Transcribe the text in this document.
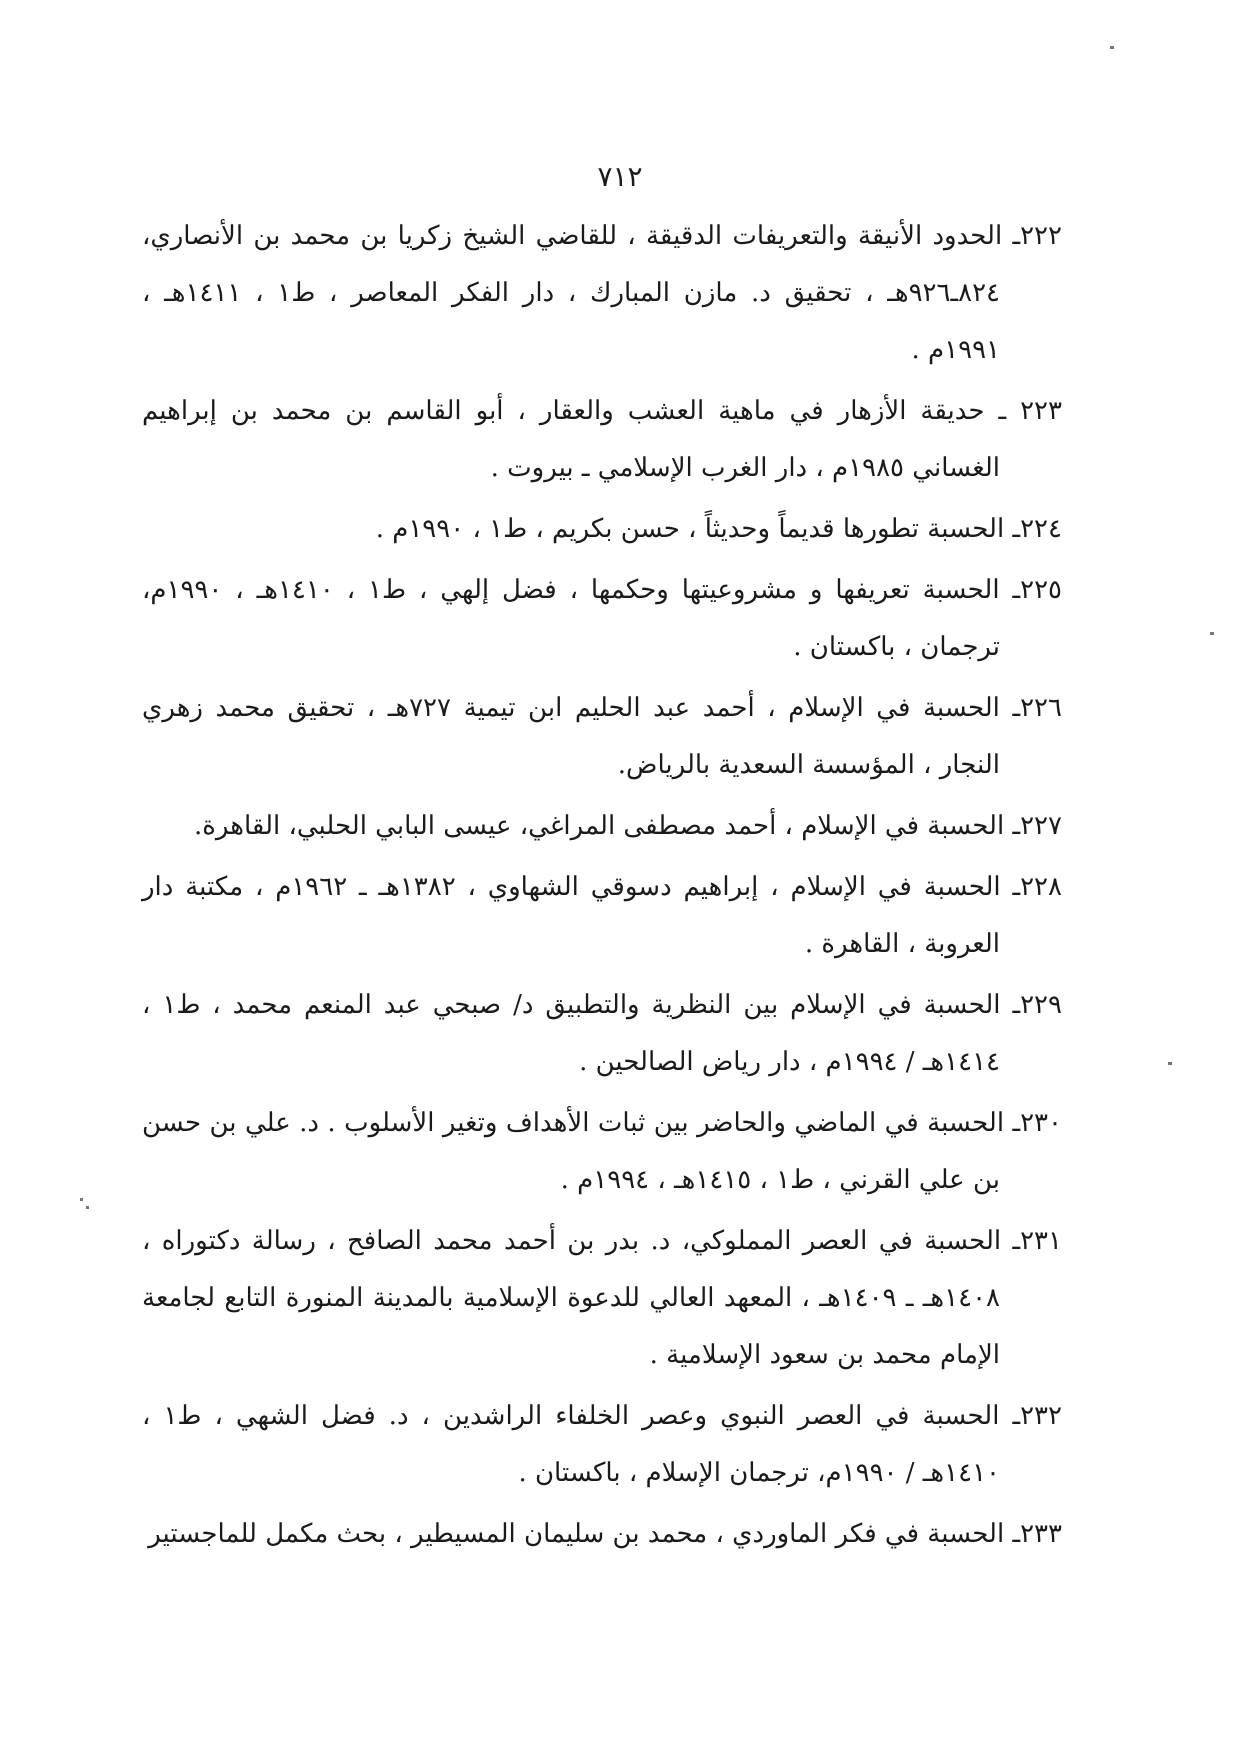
٧١٢

٢٢٢ـ الحدود الأنيقة والتعريفات الدقيقة ، للقاضي الشيخ زكريا بن محمد بن الأنصاري، ٨٢٤ـ٩٢٦هـ ، تحقيق د. مازن المبارك ، دار الفكر المعاصر ، ط١ ، ١٤١١هـ ، ١٩٩١م .

٢٢٣ ـ حديقة الأزهار في ماهية العشب والعقار ، أبو القاسم بن محمد بن إبراهيم الغساني ١٩٨٥م ، دار الغرب الإسلامي ـ بيروت .

٢٢٤ـ الحسبة تطورها قديماً وحديثاً ، حسن بكريم ، ط١ ، ١٩٩٠م .

٢٢٥ـ الحسبة تعريفها و مشروعيتها وحكمها ، فضل إلهي ، ط١ ، ١٤١٠هـ ، ١٩٩٠م، ترجمان ، باكستان .

٢٢٦ـ الحسبة في الإسلام ، أحمد عبد الحليم ابن تيمية ٧٢٧هـ ، تحقيق محمد زهري النجار ، المؤسسة السعدية بالرياض.

٢٢٧ـ الحسبة في الإسلام ، أحمد مصطفى المراغي، عيسى البابي الحلبي، القاهرة.

٢٢٨ـ الحسبة في الإسلام ، إبراهيم دسوقي الشهاوي ، ١٣٨٢هـ ـ ١٩٦٢م ، مكتبة دار العروبة ، القاهرة .

٢٢٩ـ الحسبة في الإسلام بين النظرية والتطبيق د/ صبحي عبد المنعم محمد ، ط١ ، ١٤١٤هـ / ١٩٩٤م ، دار رياض الصالحين .

٢٣٠ـ الحسبة في الماضي والحاضر بين ثبات الأهداف وتغير الأسلوب . د. علي بن حسن بن علي القرني ، ط١ ، ١٤١٥هـ ، ١٩٩٤م .

٢٣١ـ الحسبة في العصر المملوكي، د. بدر بن أحمد محمد الصافح ، رسالة دكتوراه ، ١٤٠٨هـ ـ ١٤٠٩هـ ، المعهد العالي للدعوة الإسلامية بالمدينة المنورة التابع لجامعة الإمام محمد بن سعود الإسلامية .

٢٣٢ـ الحسبة في العصر النبوي وعصر الخلفاء الراشدين ، د. فضل الشهي ، ط١ ، ١٤١٠هـ / ١٩٩٠م، ترجمان الإسلام ، باكستان .

٢٣٣ـ الحسبة في فكر الماوردي ، محمد بن سليمان المسيطير ، بحث مكمل للماجستير
